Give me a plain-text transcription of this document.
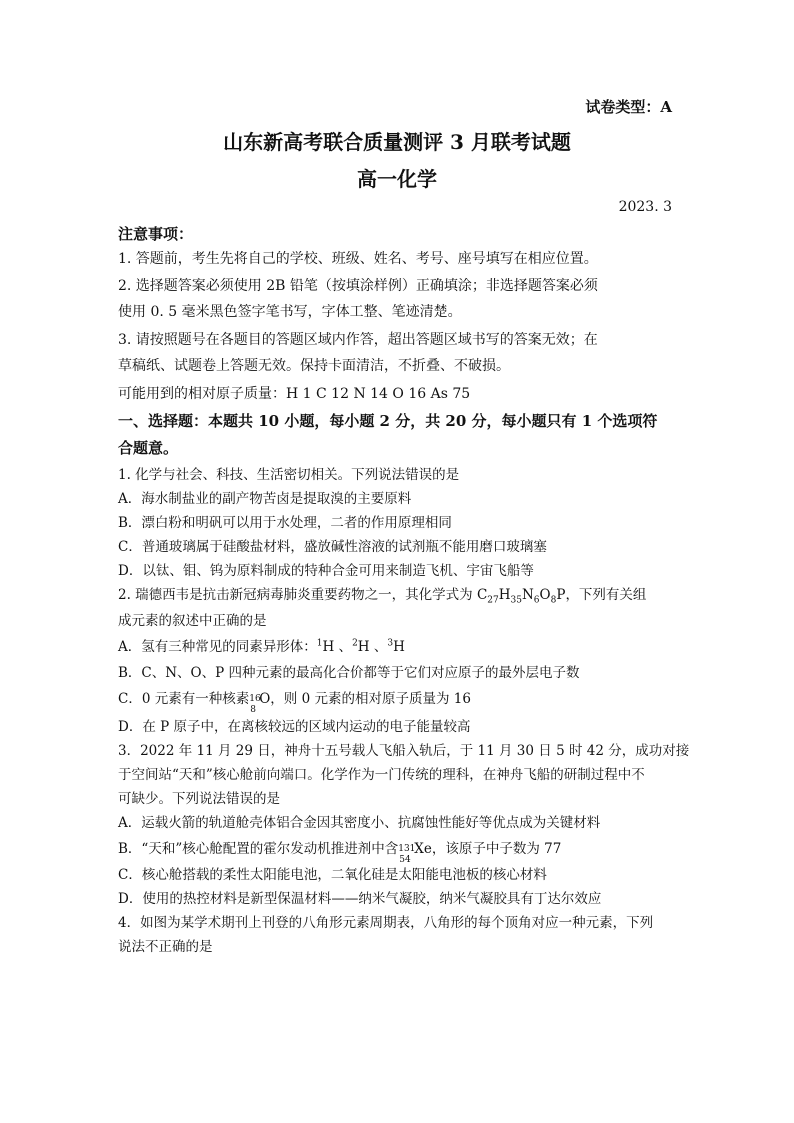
试卷类型：A
山东新高考联合质量测评 3 月联考试题
高一化学
2023. 3
注意事项：
1. 答题前，考生先将自己的学校、班级、姓名、考号、座号填写在相应位置。
2. 选择题答案必须使用 2B 铅笔（按填涂样例）正确填涂；非选择题答案必须
使用 0. 5 毫米黑色签字笔书写，字体工整、笔迹清楚。
3. 请按照题号在各题目的答题区域内作答，超出答题区域书写的答案无效；在
草稿纸、试题卷上答题无效。保持卡面清洁，不折叠、不破损。
可能用到的相对原子质量：H 1 C 12 N 14 O 16 As 75
一、选择题：本题共 10 小题，每小题 2 分，共 20 分，每小题只有 1 个选项符
合题意。
1. 化学与社会、科技、生活密切相关。下列说法错误的是
A．海水制盐业的副产物苦卤是提取溴的主要原料
B．漂白粉和明矾可以用于水处理，二者的作用原理相同
C．普通玻璃属于硅酸盐材料，盛放碱性溶液的试剂瓶不能用磨口玻璃塞
D．以钛、钼、钨为原料制成的特种合金可用来制造飞机、宇宙飞船等
2. 瑞德西韦是抗击新冠病毒肺炎重要药物之一，其化学式为 $C_{27}H_{35}N_6O_8P$，下列有关组
成元素的叙述中正确的是
A．氢有三种常见的同素异形体：$^1$H 、$^2$H 、$^3$H
B．C、N、O、P 四种元素的最高化合价都等于它们对应原子的最外层电子数
C．0 元素有一种核素 16
8
O，则 0 元素的相对原子质量为 16
D．在 P 原子中，在离核较远的区域内运动的电子能量较高
3．2022 年 11 月 29 日，神舟十五号载人飞船入轨后，于 11 月 30 日 5 时 42 分，成功对接
于空间站“天和”核心舱前向端口。化学作为一门传统的理科，在神舟飞船的研制过程中不
可缺少。下列说法错误的是
A．运载火箭的轨道舱壳体铝合金因其密度小、抗腐蚀性能好等优点成为关键材料
B．“天和”核心舱配置的霍尔发动机推进剂中含 131
54
Xe，该原子中子数为 77
C．核心舱搭载的柔性太阳能电池，二氧化硅是太阳能电池板的核心材料
D．使用的热控材料是新型保温材料——纳米气凝胶，纳米气凝胶具有丁达尔效应
4．如图为某学术期刊上刊登的八角形元素周期表，八角形的每个顶角对应一种元素，下列
说法不正确的是
